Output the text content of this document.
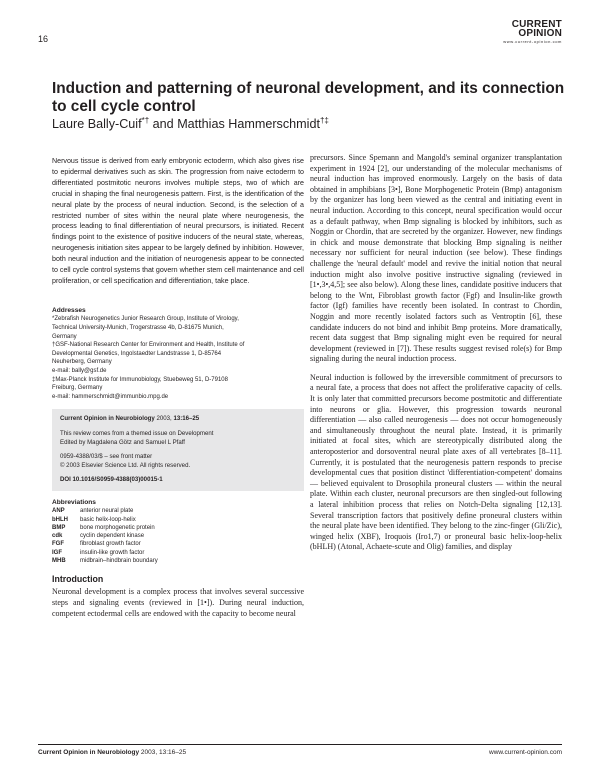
16
CURRENT
OPINION
www.current-opinion.com
Induction and patterning of neuronal development, and its connection to cell cycle control
Laure Bally-Cuif*† and Matthias Hammerschmidt†‡

Nervous tissue is derived from early embryonic ectoderm, which also gives rise to epidermal derivatives such as skin. The progression from naive ectoderm to differentiated postmitotic neurons involves multiple steps, two of which are crucial in shaping the final neurogenesis pattern. First, is the identification of the neural plate by the process of neural induction. Second, is the selection of a restricted number of sites within the neural plate where neurogenesis, the process leading to final differentiation of neural precursors, is initiated. Recent findings point to the existence of positive inducers of the neural state, whereas, neurogenesis initiation sites appear to be largely defined by inhibition. However, both neural induction and the initiation of neurogenesis appear to be connected to cell cycle control systems that govern whether stem cell maintenance and cell proliferation, or cell specification and differentiation, take place.

Addresses
*Zebrafish Neurogenetics Junior Research Group, Institute of Virology,
Technical University-Munich, Trogerstrasse 4b, D-81675 Munich,
Germany
†GSF-National Research Center for Environment and Health, Institute of
Developmental Genetics, Ingolstaedter Landstrasse 1, D-85764
Neuherberg, Germany
e-mail: bally@gsf.de
‡Max-Planck Institute for Immunobiology, Stuebeweg 51, D-79108
Freiburg, Germany
e-mail: hammerschmidt@immunbio.mpg.de
Current Opinion in Neurobiology 2003, 13:16–25
This review comes from a themed issue on Development
Edited by Magdalena Götz and Samuel L Pfaff
0959-4388/03/$ – see front matter
© 2003 Elsevier Science Ltd. All rights reserved.
DOI 10.1016/S0959-4388(03)00015-1
Abbreviations
ANP	anterior neural plate
bHLH	basic helix-loop-helix
BMP	bone morphogenetic protein
cdk	cyclin dependent kinase
FGF	fibroblast growth factor
IGF	insulin-like growth factor
MHB	midbrain–hindbrain boundary
Introduction

Neuronal development is a complex process that involves several successive steps and signaling events (reviewed in [1•]). During neural induction, competent ectodermal cells are endowed with the capacity to become neural

precursors. Since Spemann and Mangold's seminal organizer transplantation experiment in 1924 [2], our understanding of the molecular mechanisms of neural induction has improved enormously. Largely on the basis of data obtained in amphibians [3•], Bone Morphogenetic Protein (Bmp) antagonism by the organizer has long been viewed as the central and initiating event in neural induction. According to this concept, neural specification would occur as a default pathway, when Bmp signaling is blocked by inhibitors, such as Noggin or Chordin, that are secreted by the organizer. However, new findings in chick and mouse demonstrate that blocking Bmp signaling is neither necessary nor sufficient for neural induction (see below). These findings challenge the 'neural default' model and revive the initial notion that neural induction might also involve positive instructive signaling (reviewed in [1•,3•,4,5]; see also below). Along these lines, candidate positive inducers that belong to the Wnt, Fibroblast growth factor (Fgf) and Insulin-like growth factor (Igf) families have recently been isolated. In contrast to Chordin, Noggin and more recently isolated factors such as Ventroptin [6], these candidate inducers do not bind and inhibit Bmp proteins. More dramatically, recent data suggest that Bmp signaling might even be required for neural development (reviewed in [7]). These results suggest revised role(s) for Bmp signaling during the neural induction process.

Neural induction is followed by the irreversible commitment of precursors to a neural fate, a process that does not affect the proliferative capacity of cells. It is only later that committed precursors become postmitotic and differentiate into neurons or glia. However, this progression towards neuronal differentiation — also called neurogenesis — does not occur homogeneously and simultaneously throughout the neural plate. Instead, it is primarily initiated at focal sites, which are stereotypically distributed along the anteroposterior and dorsoventral neural plate axes of all vertebrates [8–11]. Currently, it is postulated that the neurogenesis pattern responds to precise developmental cues that position distinct 'differentiation-competent' domains — believed equivalent to Drosophila proneural clusters — within the neural plate. Within each cluster, neuronal precursors are then singled-out following a lateral inhibition process that relies on Notch-Delta signaling [12,13]. Several transcription factors that positively define proneural clusters within the neural plate have been identified. They belong to the zinc-finger (Gli/Zic), winged helix (XBF), Iroquois (Iro1,7) or proneural basic helix-loop-helix (bHLH) (Atonal, Achaete-scute and Olig) families, and display

Current Opinion in Neurobiology 2003, 13:16–25	www.current-opinion.com
